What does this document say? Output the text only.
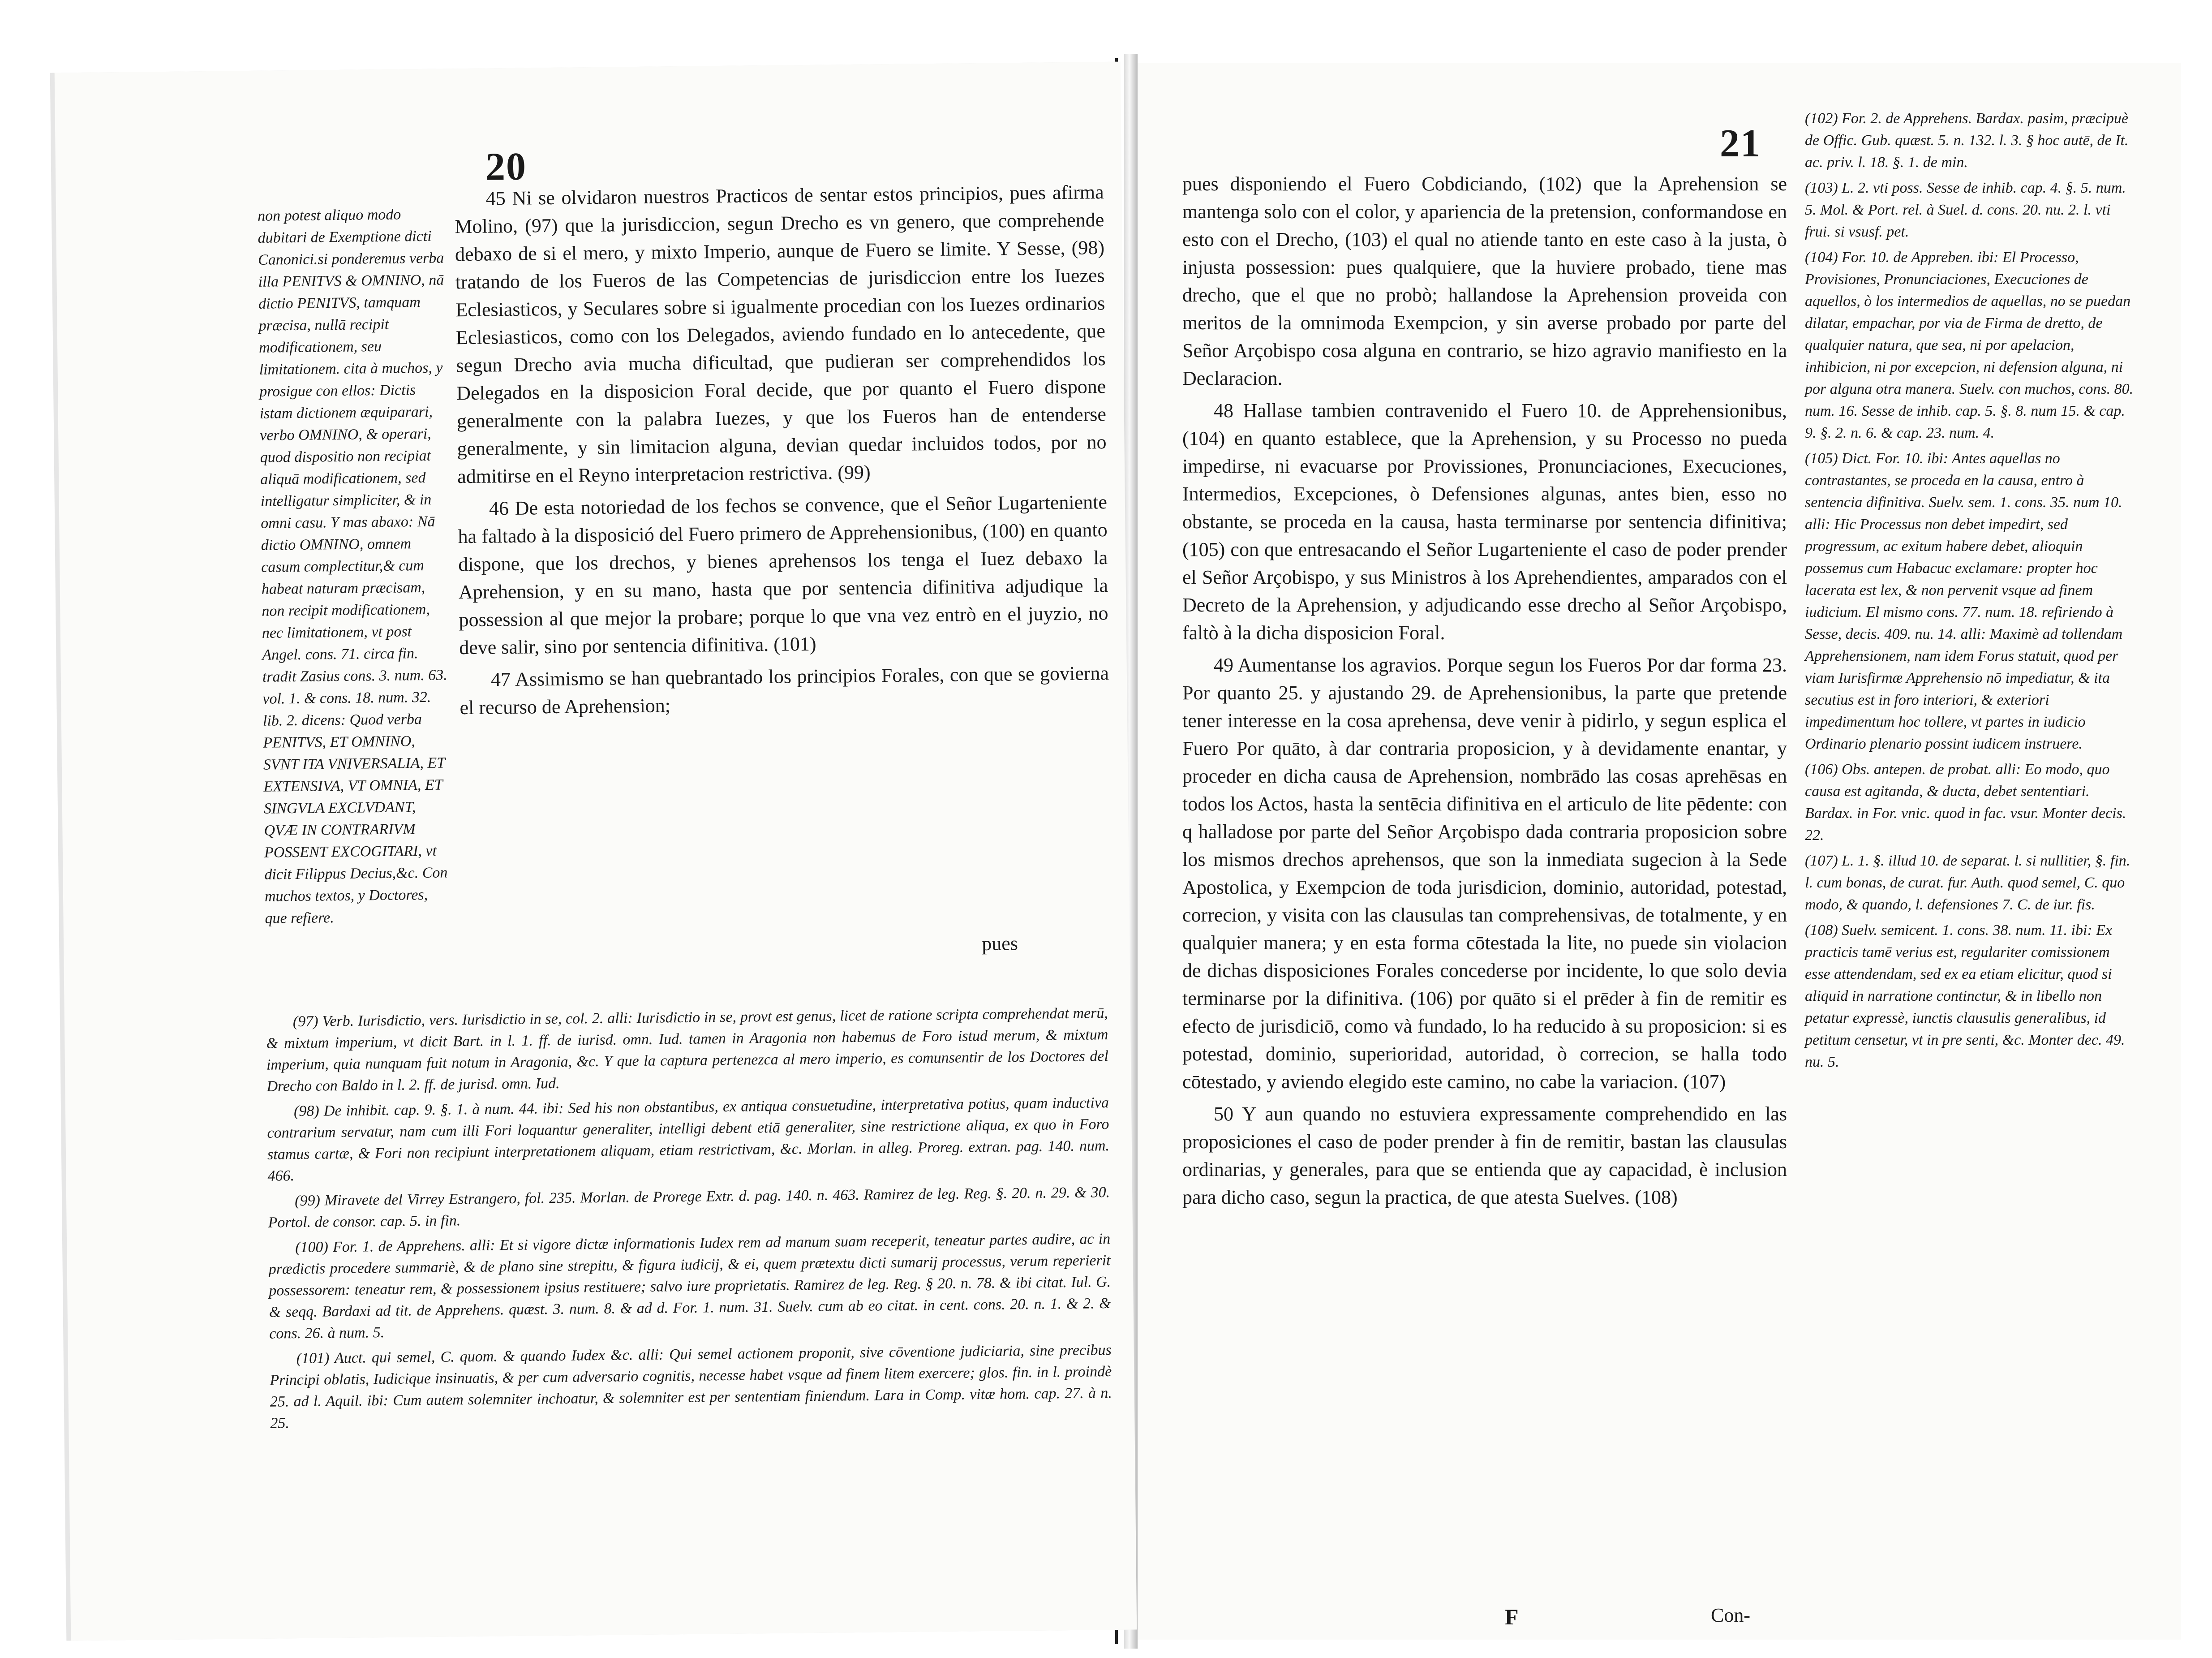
20

non potest aliquo modo dubitari de Exemptione dicti Canonici.si ponderemus verba illa PENITVS & OMNINO, nā dictio PENITVS, tamquam præcisa, nullā recipit modificationem, seu limitationem. cita à muchos, y prosigue con ellos: Dictis istam dictionem æquiparari, verbo OMNINO, & operari, quod dispositio non recipiat aliquā modificationem, sed intelligatur simpliciter, & in omni casu. Y mas abaxo: Nā dictio OMNINO, omnem casum complectitur,& cum habeat naturam præcisam, non recipit modificationem, nec limitationem, vt post Angel. cons. 71. circa fin. tradit Zasius cons. 3. num. 63. vol. 1. & cons. 18. num. 32. lib. 2. dicens: Quod verba PENITVS, ET OMNINO, SVNT ITA VNIVERSALIA, ET EXTENSIVA, VT OMNIA, ET SINGVLA EXCLVDANT, QVÆ IN CONTRARIVM POSSENT EXCOGITARI, vt dicit Filippus Decius,&c. Con muchos textos, y Doctores, que refiere.

45 Ni se olvidaron nuestros Practicos de sentar estos principios, pues afirma Molino, (97) que la jurisdiccion, segun Drecho es vn genero, que comprehende debaxo de si el mero, y mixto Imperio, aunque de Fuero se limite. Y Sesse, (98) tratando de los Fueros de las Competencias de jurisdiccion entre los Iuezes Eclesiasticos, y Seculares sobre si igualmente procedian con los Iuezes ordinarios Eclesiasticos, como con los Delegados, aviendo fundado en lo antecedente, que segun Drecho avia mucha dificultad, que pudieran ser comprehendidos los Delegados en la disposicion Foral decide, que por quanto el Fuero dispone generalmente con la palabra Iuezes, y que los Fueros han de entenderse generalmente, y sin limitacion alguna, devian quedar incluidos todos, por no admitirse en el Reyno interpretacion restrictiva. (99)

46 De esta notoriedad de los fechos se convence, que el Señor Lugarteniente ha faltado à la disposició del Fuero primero de Apprehensionibus, (100) en quanto dispone, que los drechos, y bienes aprehensos los tenga el Iuez debaxo la Aprehension, y en su mano, hasta que por sentencia difinitiva adjudique la possession al que mejor la probare; porque lo que vna vez entrò en el juyzio, no deve salir, sino por sentencia difinitiva. (101)

47 Assimismo se han quebrantado los principios Forales, con que se govierna el recurso de Aprehension;

pues

(97) Verb. Iurisdictio, vers. Iurisdictio in se, col. 2. alli: Iurisdictio in se, provt est genus, licet de ratione scripta comprehendat merū, & mixtum imperium, vt dicit Bart. in l. 1. ff. de iurisd. omn. Iud. tamen in Aragonia non habemus de Foro istud merum, & mixtum imperium, quia nunquam fuit notum in Aragonia, &c. Y que la captura pertenezca al mero imperio, es comunsentir de los Doctores del Drecho con Baldo in l. 2. ff. de jurisd. omn. Iud.

(98) De inhibit. cap. 9. §. 1. à num. 44. ibi: Sed his non obstantibus, ex antiqua consuetudine, interpretativa potius, quam inductiva contrarium servatur, nam cum illi Fori loquantur generaliter, intelligi debent etiā generaliter, sine restrictione aliqua, ex quo in Foro stamus cartæ, & Fori non recipiunt interpretationem aliquam, etiam restrictivam, &c. Morlan. in alleg. Proreg. extran. pag. 140. num. 466.

(99) Miravete del Virrey Estrangero, fol. 235. Morlan. de Prorege Extr. d. pag. 140. n. 463. Ramirez de leg. Reg. §. 20. n. 29. & 30. Portol. de consor. cap. 5. in fin.

(100) For. 1. de Apprehens. alli: Et si vigore dictæ informationis Iudex rem ad manum suam receperit, teneatur partes audire, ac in prædictis procedere summariè, & de plano sine strepitu, & figura iudicij, & ei, quem prætextu dicti sumarij processus, verum reperierit possessorem: teneatur rem, & possessionem ipsius restituere; salvo iure proprietatis. Ramirez de leg. Reg. § 20. n. 78. & ibi citat. Iul. G. & seqq. Bardaxi ad tit. de Apprehens. quæst. 3. num. 8. & ad d. For. 1. num. 31. Suelv. cum ab eo citat. in cent. cons. 20. n. 1. & 2. & cons. 26. à num. 5.

(101) Auct. qui semel, C. quom. & quando Iudex &c. alli: Qui semel actionem proponit, sive cōventione judiciaria, sine precibus Principi oblatis, Iudicique insinuatis, & per cum adversario cognitis, necesse habet vsque ad finem litem exercere; glos. fin. in l. proindè 25. ad l. Aquil. ibi: Cum autem solemniter inchoatur, & solemniter est per sententiam finiendum. Lara in Comp. vitæ hom. cap. 27. à n. 25.

21

pues disponiendo el Fuero Cobdiciando, (102) que la Aprehension se mantenga solo con el color, y apariencia de la pretension, conformandose en esto con el Drecho, (103) el qual no atiende tanto en este caso à la justa, ò injusta possession: pues qualquiere, que la huviere probado, tiene mas drecho, que el que no probò; hallandose la Aprehension proveida con meritos de la omnimoda Exempcion, y sin averse probado por parte del Señor Arçobispo cosa alguna en contrario, se hizo agravio manifiesto en la Declaracion.

48 Hallase tambien contravenido el Fuero 10. de Apprehensionibus, (104) en quanto establece, que la Aprehension, y su Processo no pueda impedirse, ni evacuarse por Provissiones, Pronunciaciones, Execuciones, Intermedios, Excepciones, ò Defensiones algunas, antes bien, esso no obstante, se proceda en la causa, hasta terminarse por sentencia difinitiva; (105) con que entresacando el Señor Lugarteniente el caso de poder prender el Señor Arçobispo, y sus Ministros à los Aprehendientes, amparados con el Decreto de la Aprehension, y adjudicando esse drecho al Señor Arçobispo, faltò à la dicha disposicion Foral.

49 Aumentanse los agravios. Porque segun los Fueros Por dar forma 23. Por quanto 25. y ajustando 29. de Aprehensionibus, la parte que pretende tener interesse en la cosa aprehensa, deve venir à pidirlo, y segun esplica el Fuero Por quāto, à dar contraria proposicion, y à devidamente enantar, y proceder en dicha causa de Aprehension, nombrādo las cosas aprehēsas en todos los Actos, hasta la sentēcia difinitiva en el articulo de lite pēdente: con q halladose por parte del Señor Arçobispo dada contraria proposicion sobre los mismos drechos aprehensos, que son la inmediata sugecion à la Sede Apostolica, y Exempcion de toda jurisdicion, dominio, autoridad, potestad, correcion, y visita con las clausulas tan comprehensivas, de totalmente, y en qualquier manera; y en esta forma cōtestada la lite, no puede sin violacion de dichas disposiciones Forales concederse por incidente, lo que solo devia terminarse por la difinitiva. (106) por quāto si el prēder à fin de remitir es efecto de jurisdiciō, como và fundado, lo ha reducido à su proposicion: si es potestad, dominio, superioridad, autoridad, ò correcion, se halla todo cōtestado, y aviendo elegido este camino, no cabe la variacion. (107)

50 Y aun quando no estuviera expressamente comprehendido en las proposiciones el caso de poder prender à fin de remitir, bastan las clausulas ordinarias, y generales, para que se entienda que ay capacidad, è inclusion para dicho caso, segun la practica, de que atesta Suelves. (108)

(102) For. 2. de Apprehens. Bardax. pasim, præcipuè de Offic. Gub. quæst. 5. n. 132. l. 3. § hoc autē, de It. ac. priv. l. 18. §. 1. de min.

(103) L. 2. vti poss. Sesse de inhib. cap. 4. §. 5. num. 5. Mol. & Port. rel. à Suel. d. cons. 20. nu. 2. l. vti frui. si vsusf. pet.

(104) For. 10. de Appreben. ibi: El Processo, Provisiones, Pronunciaciones, Execuciones de aquellos, ò los intermedios de aquellas, no se puedan dilatar, empachar, por via de Firma de dretto, de qualquier natura, que sea, ni por apelacion, inhibicion, ni por excepcion, ni defension alguna, ni por alguna otra manera. Suelv. con muchos, cons. 80. num. 16. Sesse de inhib. cap. 5. §. 8. num 15. & cap. 9. §. 2. n. 6. & cap. 23. num. 4.

(105) Dict. For. 10. ibi: Antes aquellas no contrastantes, se proceda en la causa, entro à sentencia difinitiva. Suelv. sem. 1. cons. 35. num 10. alli: Hic Processus non debet impedirt, sed progressum, ac exitum habere debet, alioquin possemus cum Habacuc exclamare: propter hoc lacerata est lex, & non pervenit vsque ad finem iudicium. El mismo cons. 77. num. 18. refiriendo à Sesse, decis. 409. nu. 14. alli: Maximè ad tollendam Apprehensionem, nam idem Forus statuit, quod per viam Iurisfirmæ Apprehensio nō impediatur, & ita secutius est in foro interiori, & exteriori impedimentum hoc tollere, vt partes in iudicio Ordinario plenario possint iudicem instruere.

(106) Obs. antepen. de probat. alli: Eo modo, quo causa est agitanda, & ducta, debet sententiari. Bardax. in For. vnic. quod in fac. vsur. Monter decis. 22.

(107) L. 1. §. illud 10. de separat. l. si nullitier, §. fin. l. cum bonas, de curat. fur. Auth. quod semel, C. quo modo, & quando, l. defensiones 7. C. de iur. fis.

(108) Suelv. semicent. 1. cons. 38. num. 11. ibi: Ex practicis tamē verius est, regulariter comissionem esse attendendam, sed ex ea etiam elicitur, quod si aliquid in narratione continctur, & in libello non petatur expressè, iunctis clausulis generalibus, id petitum censetur, vt in pre senti, &c. Monter dec. 49. nu. 5.

F	Con-
